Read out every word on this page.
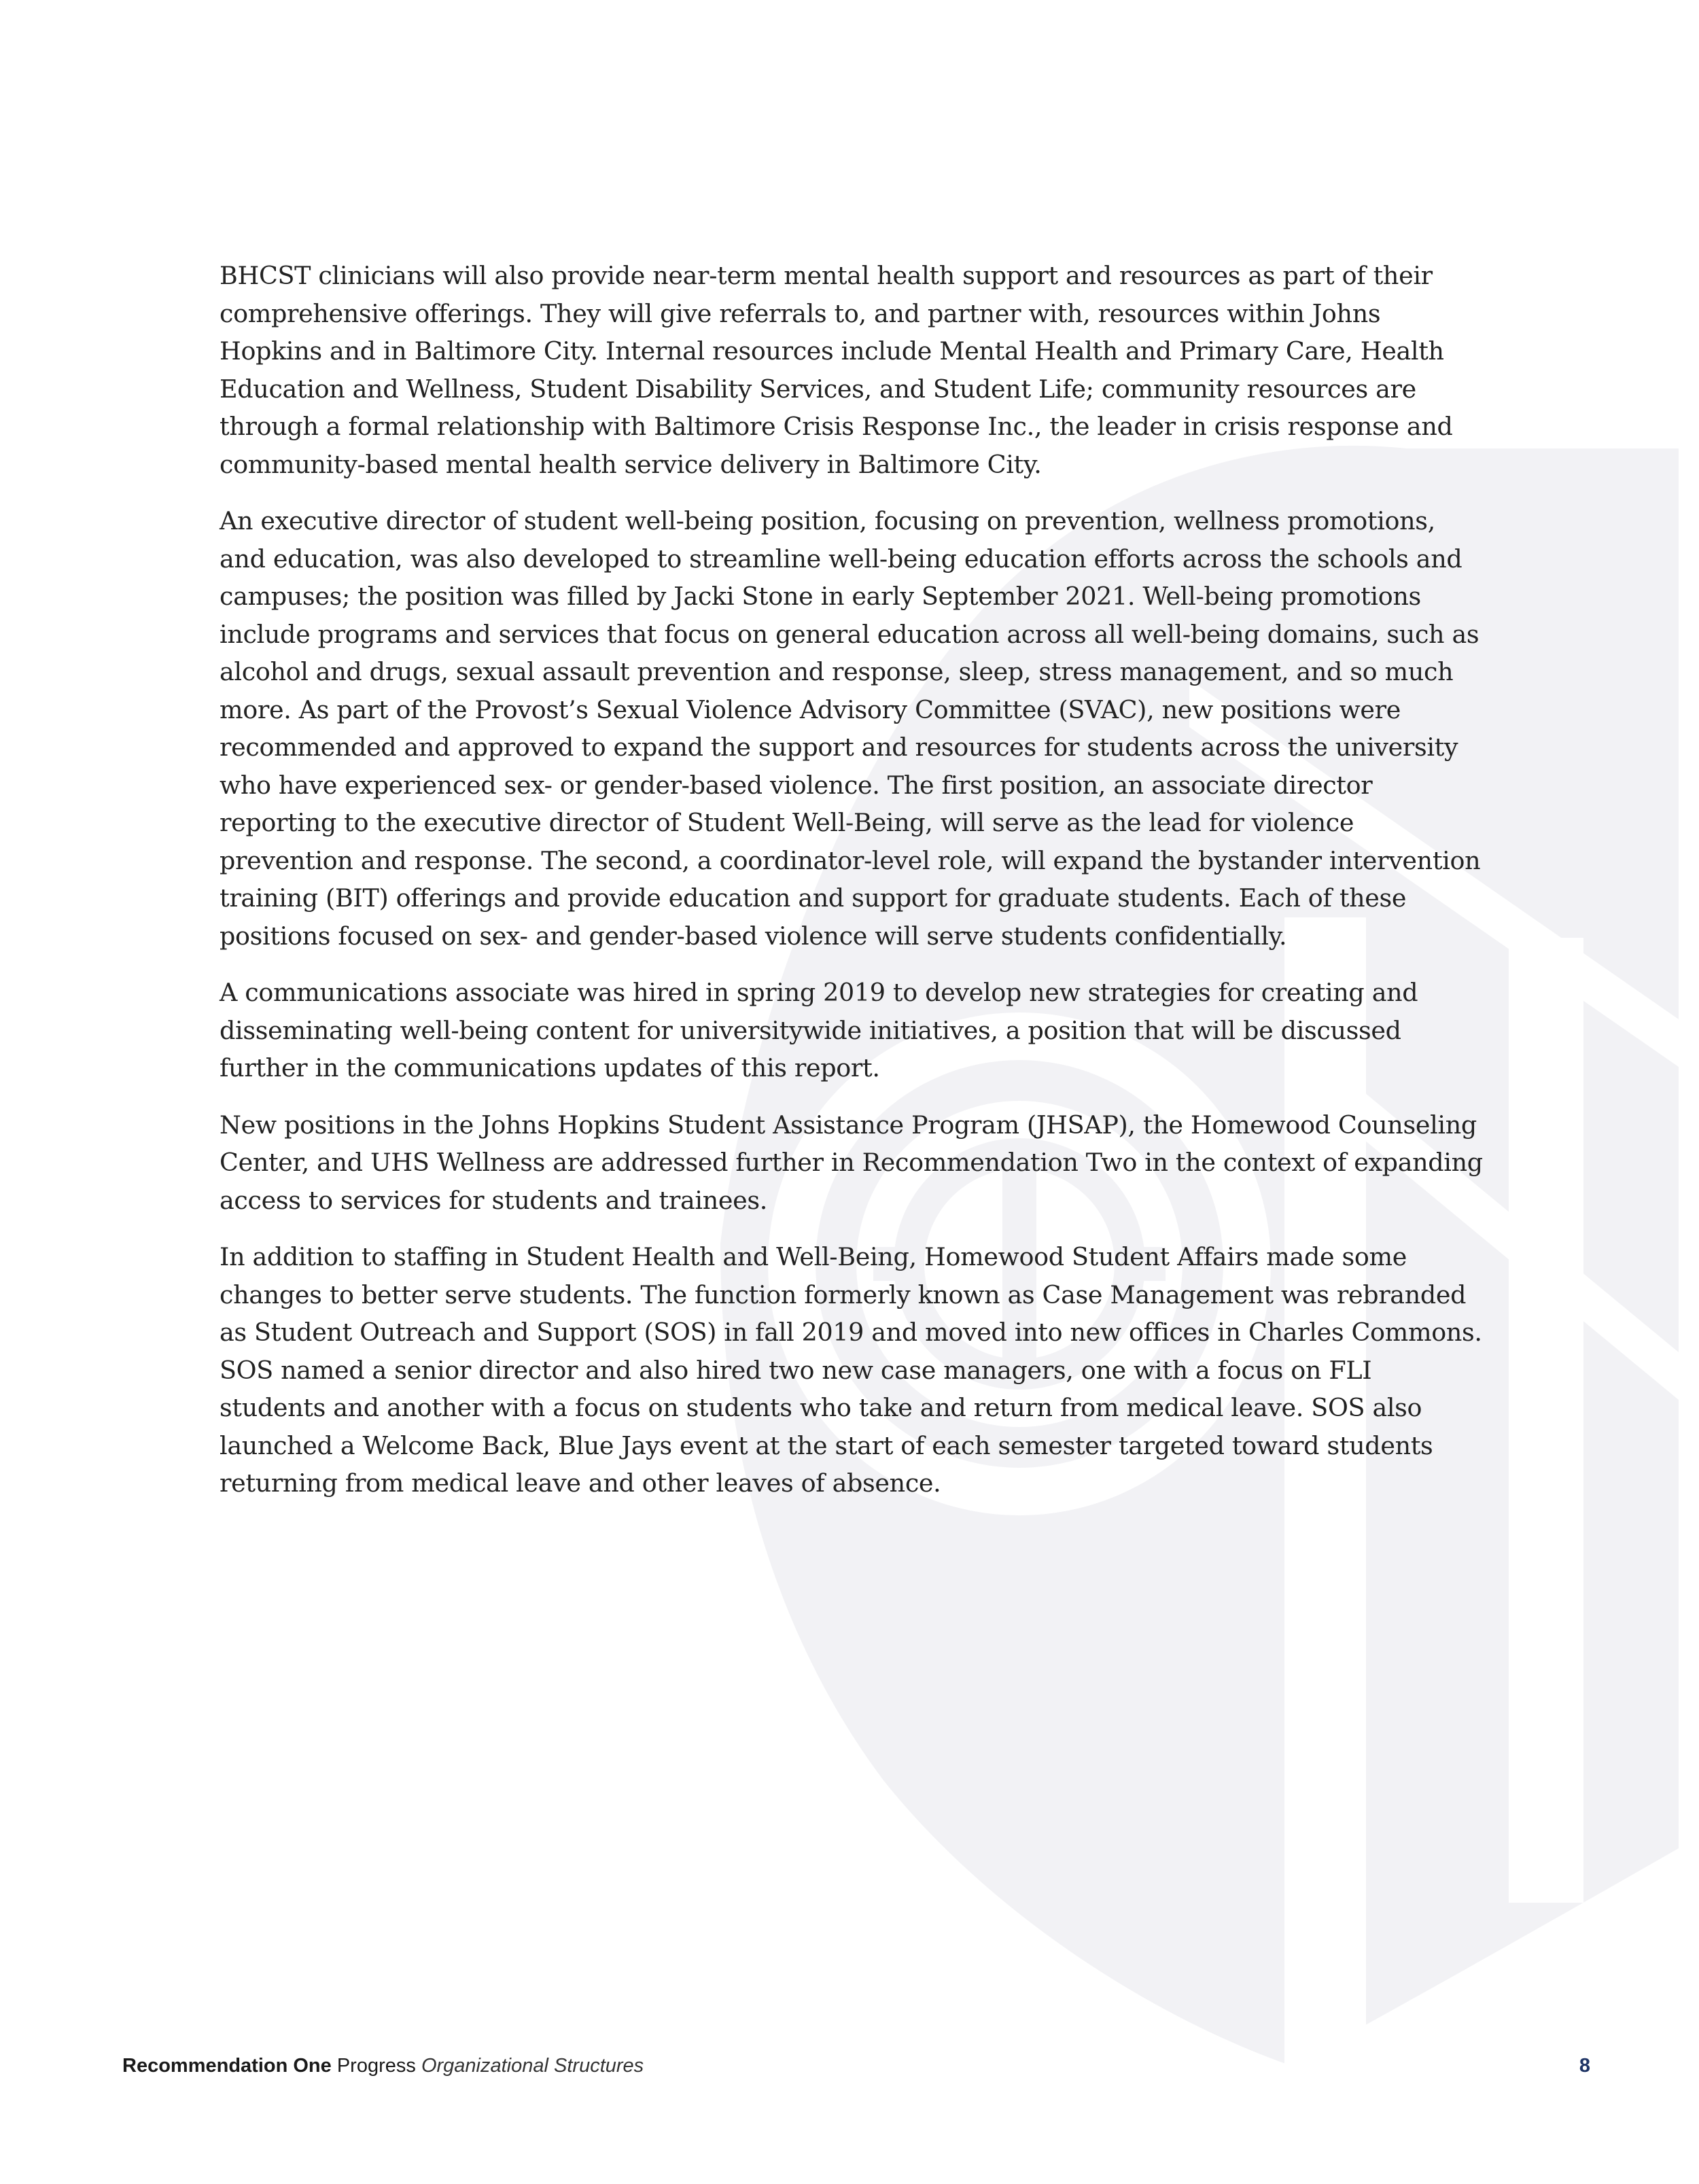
BHCST clinicians will also provide near-term mental health support and resources as part of their comprehensive offerings. They will give referrals to, and partner with, resources within Johns Hopkins and in Baltimore City. Internal resources include Mental Health and Primary Care, Health Education and Wellness, Student Disability Services, and Student Life; community resources are through a formal relationship with Baltimore Crisis Response Inc., the leader in crisis response and community-based mental health service delivery in Baltimore City.

An executive director of student well-being position, focusing on prevention, wellness promotions, and education, was also developed to streamline well-being education efforts across the schools and campuses; the position was filled by Jacki Stone in early September 2021. Well-being promotions include programs and services that focus on general education across all well-being domains, such as alcohol and drugs, sexual assault prevention and response, sleep, stress management, and so much more. As part of the Provost’s Sexual Violence Advisory Committee (SVAC), new positions were recommended and approved to expand the support and resources for students across the university who have experienced sex- or gender-based violence. The first position, an associate director reporting to the executive director of Student Well-Being, will serve as the lead for violence prevention and response. The second, a coordinator-level role, will expand the bystander intervention training (BIT) offerings and provide education and support for graduate students. Each of these positions focused on sex- and gender-based violence will serve students confidentially.

A communications associate was hired in spring 2019 to develop new strategies for creating and disseminating well-being content for universitywide initiatives, a position that will be discussed further in the communications updates of this report.

New positions in the Johns Hopkins Student Assistance Program (JHSAP), the Homewood Counseling Center, and UHS Wellness are addressed further in Recommendation Two in the context of expanding access to services for students and trainees.

In addition to staffing in Student Health and Well-Being, Homewood Student Affairs made some changes to better serve students. The function formerly known as Case Management was rebranded as Student Outreach and Support (SOS) in fall 2019 and moved into new offices in Charles Commons. SOS named a senior director and also hired two new case managers, one with a focus on FLI students and another with a focus on students who take and return from medical leave. SOS also launched a Welcome Back, Blue Jays event at the start of each semester targeted toward students returning from medical leave and other leaves of absence.

Recommendation One Progress Organizational Structures	8
